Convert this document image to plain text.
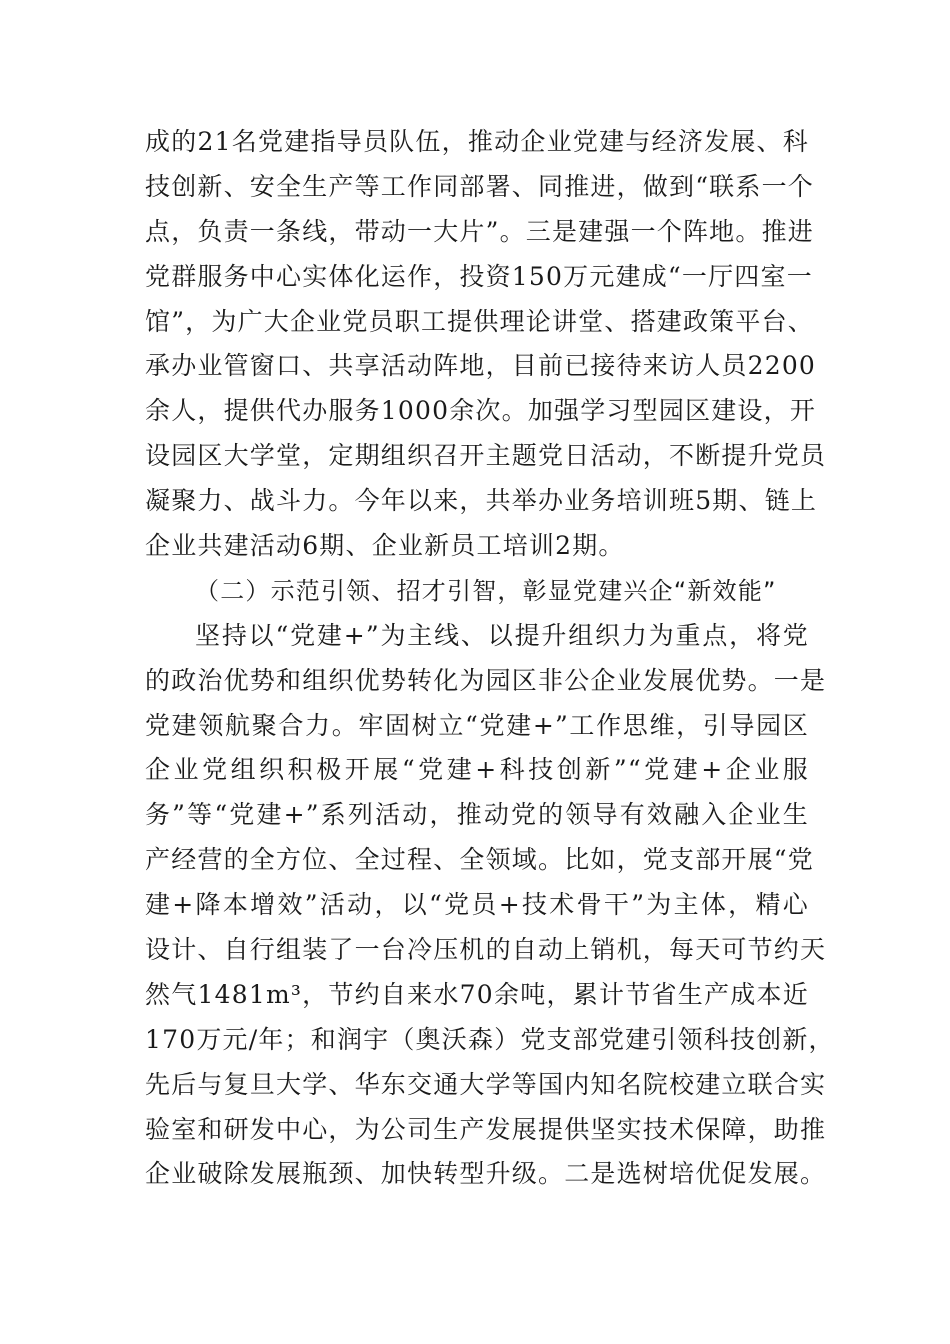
成的21名党建指导员队伍，推动企业党建与经济发展、科
技创新、安全生产等工作同部署、同推进，做到“联系一个
点，负责一条线，带动一大片”。三是建强一个阵地。推进
党群服务中心实体化运作，投资150万元建成“一厅四室一
馆”，为广大企业党员职工提供理论讲堂、搭建政策平台、
承办业管窗口、共享活动阵地，目前已接待来访人员2200
余人，提供代办服务1000余次。加强学习型园区建设，开
设园区大学堂，定期组织召开主题党日活动，不断提升党员
凝聚力、战斗力。今年以来，共举办业务培训班5期、链上
企业共建活动6期、企业新员工培训2期。
（二）示范引领、招才引智，彰显党建兴企“新效能”
坚持以“党建+”为主线、以提升组织力为重点，将党
的政治优势和组织优势转化为园区非公企业发展优势。一是
党建领航聚合力。牢固树立“党建+”工作思维，引导园区
企业党组织积极开展“党建+科技创新”“党建+企业服
务”等“党建+”系列活动，推动党的领导有效融入企业生
产经营的全方位、全过程、全领域。比如，党支部开展“党
建+降本增效”活动，以“党员+技术骨干”为主体，精心
设计、自行组装了一台冷压机的自动上销机，每天可节约天
然气1481m³，节约自来水70余吨，累计节省生产成本近
170万元/年；和润宇（奥沃森）党支部党建引领科技创新，
先后与复旦大学、华东交通大学等国内知名院校建立联合实
验室和研发中心，为公司生产发展提供坚实技术保障，助推
企业破除发展瓶颈、加快转型升级。二是选树培优促发展。
